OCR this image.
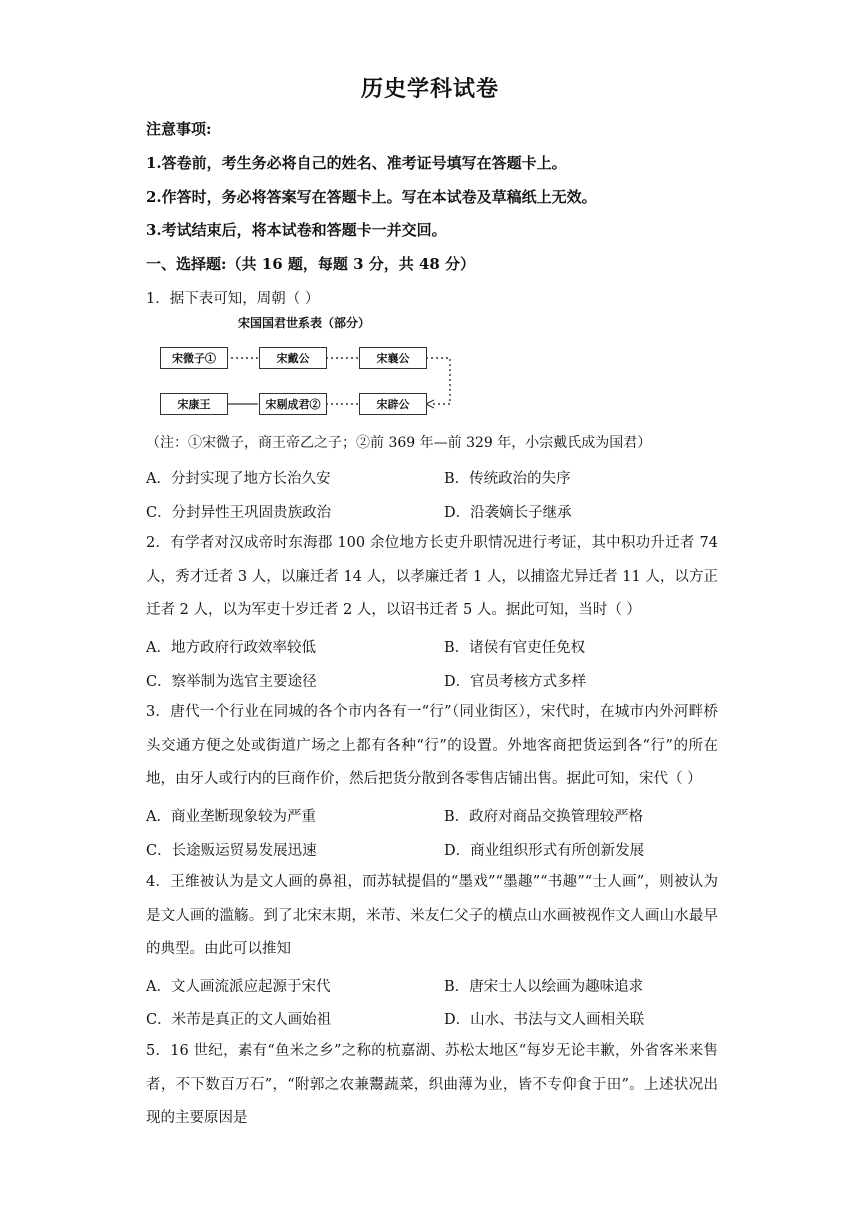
历史学科试卷
注意事项:
1.答卷前，考生务必将自己的姓名、准考证号填写在答题卡上。
2.作答时，务必将答案写在答题卡上。写在本试卷及草稿纸上无效。
3.考试结束后，将本试卷和答题卡一并交回。
一、选择题:（共 16 题，每题 3 分，共 48 分）
1．据下表可知，周朝（ ）
宋国国君世系表（部分）
宋微子①	宋戴公	宋襄公
宋康王	宋剔成君②	宋辟公
（注：①宋微子，商王帝乙之子；②前 369 年—前 329 年，小宗戴氏成为国君）
A．分封实现了地方长治久安	B．传统政治的失序
C．分封异性王巩固贵族政治	D．沿袭嫡长子继承
2．有学者对汉成帝时东海郡 100 余位地方长吏升职情况进行考证，其中积功升迁者 74 人，秀才迁者 3 人，以廉迁者 14 人，以孝廉迁者 1 人，以捕盗尤异迁者 11 人，以方正迁者 2 人，以为军吏十岁迁者 2 人，以诏书迁者 5 人。据此可知，当时（ ）
A．地方政府行政效率较低	B．诸侯有官吏任免权
C．察举制为选官主要途径	D．官员考核方式多样
3．唐代一个行业在同城的各个市内各有一“行”（同业街区），宋代时，在城市内外河畔桥头交通方便之处或街道广场之上都有各种“行”的设置。外地客商把货运到各“行”的所在地，由牙人或行内的巨商作价，然后把货分散到各零售店铺出售。据此可知，宋代（ ）
A．商业垄断现象较为严重	B．政府对商品交换管理较严格
C．长途贩运贸易发展迅速	D．商业组织形式有所创新发展
4．王维被认为是文人画的鼻祖，而苏轼提倡的“墨戏”“墨趣”“书趣”“士人画”，则被认为是文人画的滥觞。到了北宋末期，米芾、米友仁父子的横点山水画被视作文人画山水最早的典型。由此可以推知
A．文人画流派应起源于宋代	B．唐宋士人以绘画为趣味追求
C．米芾是真正的文人画始祖	D．山水、书法与文人画相关联
5．16 世纪，素有“鱼米之乡”之称的杭嘉湖、苏松太地区“每岁无论丰歉，外省客米来售者，不下数百万石”，“附郭之农兼鬻蔬菜，织曲薄为业，皆不专仰食于田”。上述状况出现的主要原因是
